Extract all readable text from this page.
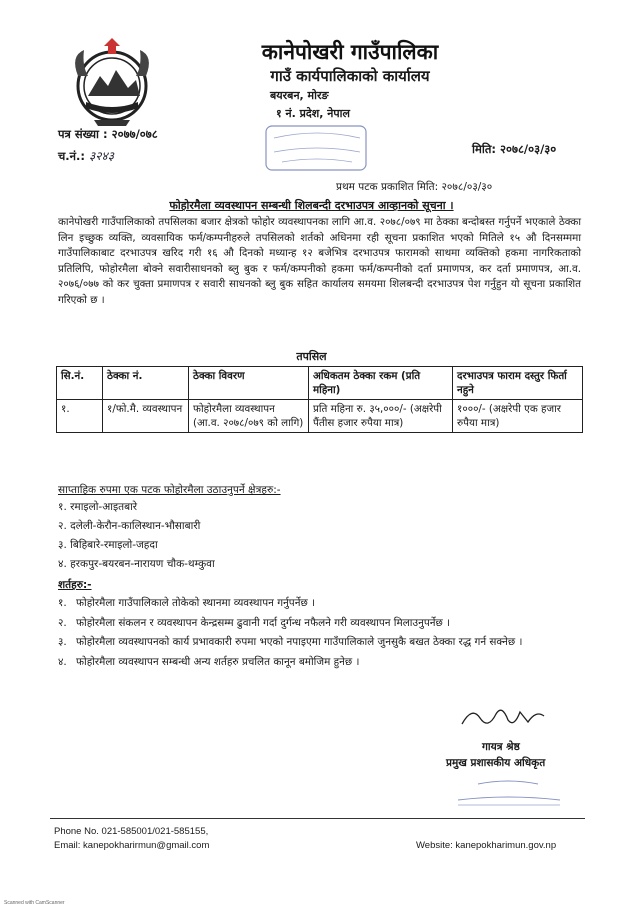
कानेपोखरी गाउँपालिका
गाउँ कार्यपालिकाको कार्यालय
बयरबन, मोरङ
१ नं. प्रदेश, नेपाल
पत्र संख्या : २०७७/०७८
च.नं.: ३२४३	मिति: २०७८/०३/३०
प्रथम पटक प्रकाशित मिति: २०७८/०३/३०
फोहोरमैला व्यवस्थापन सम्बन्धी शिलबन्दी दरभाउपत्र आव्हानको सूचना ।
कानेपोखरी गाउँपालिकाको तपसिलका बजार क्षेत्रको फोहोर व्यवस्थापनका लागि आ.व. २०७८/०७९ मा ठेक्का बन्दोबस्त गर्नुपर्ने भएकाले ठेक्का लिन इच्छुक व्यक्ति, व्यवसायिक फर्म/कम्पनीहरुले तपसिलको शर्तको अधिनमा रही सूचना प्रकाशित भएको मितिले १५ औ दिनसम्ममा गाउँपालिकाबाट दरभाउपत्र खरिद गरी १६ औ दिनको मध्यान्ह १२ बजेभित्र दरभाउपत्र फारामको साथमा व्यक्तिको हकमा नागरिकताको प्रतिलिपि, फोहोरमैला बोक्ने सवारीसाधनको ब्लु बुक र फर्म/कम्पनीको हकमा फर्म/कम्पनीको दर्ता प्रमाणपत्र, कर दर्ता प्रमाणपत्र, आ.व. २०७६/०७७ को कर चुक्ता प्रमाणपत्र र सवारी साधनको ब्लु बुक सहित कार्यालय समयमा शिलबन्दी दरभाउपत्र पेश गर्नुहुन यो सूचना प्रकाशित गरिएको छ ।
तपसिल
सि.नं.	ठेक्का नं.	ठेक्का विवरण	अधिकतम ठेक्का रकम (प्रति महिना)	दरभाउपत्र फाराम दस्तुर फिर्ता नहुने
१.	१/फो.मै. व्यवस्थापन	फोहोरमैला व्यवस्थापन (आ.व. २०७८/०७९ को लागि)	प्रति महिना रु. ३५,०००/- (अक्षरेपी पैंतीस हजार रुपैया मात्र)	१०००/- (अक्षरेपी एक हजार रुपैया मात्र)
साप्ताहिक रुपमा एक पटक फोहोरमैला उठाउनुपर्ने क्षेत्रहरु:-
१. रमाइलो-आइतबारे
२. दलेली-केरौन-कालिस्थान-भौसाबारी
३. बिहिबारे-रमाइलो-जहदा
४. हरकपुर-बयरबन-नारायण चौक-थम्कुवा
शर्तहरु:-
१. फोहोरमैला गाउँपालिकाले तोकेको स्थानमा व्यवस्थापन गर्नुपर्नेछ ।
२. फोहोरमैला संकलन र व्यवस्थापन केन्द्रसम्म ढुवानी गर्दा दुर्गन्ध नफैलने गरी व्यवस्थापन मिलाउनुपर्नेछ ।
३. फोहोरमैला व्यवस्थापनको कार्य प्रभावकारी रुपमा भएको नपाइएमा गाउँपालिकाले जुनसुकै बखत ठेक्का रद्ध गर्न सक्नेछ ।
४. फोहोरमैला व्यवस्थापन सम्बन्धी अन्य शर्तहरु प्रचलित कानून बमोजिम हुनेछ ।
गायत्र श्रेष्ठ
प्रमुख प्रशासकीय अधिकृत
Phone No. 021-585001/021-585155,
Email: kanepokharirmun@gmail.com	Website: kanepokharimun.gov.np
Scanned with CamScanner
